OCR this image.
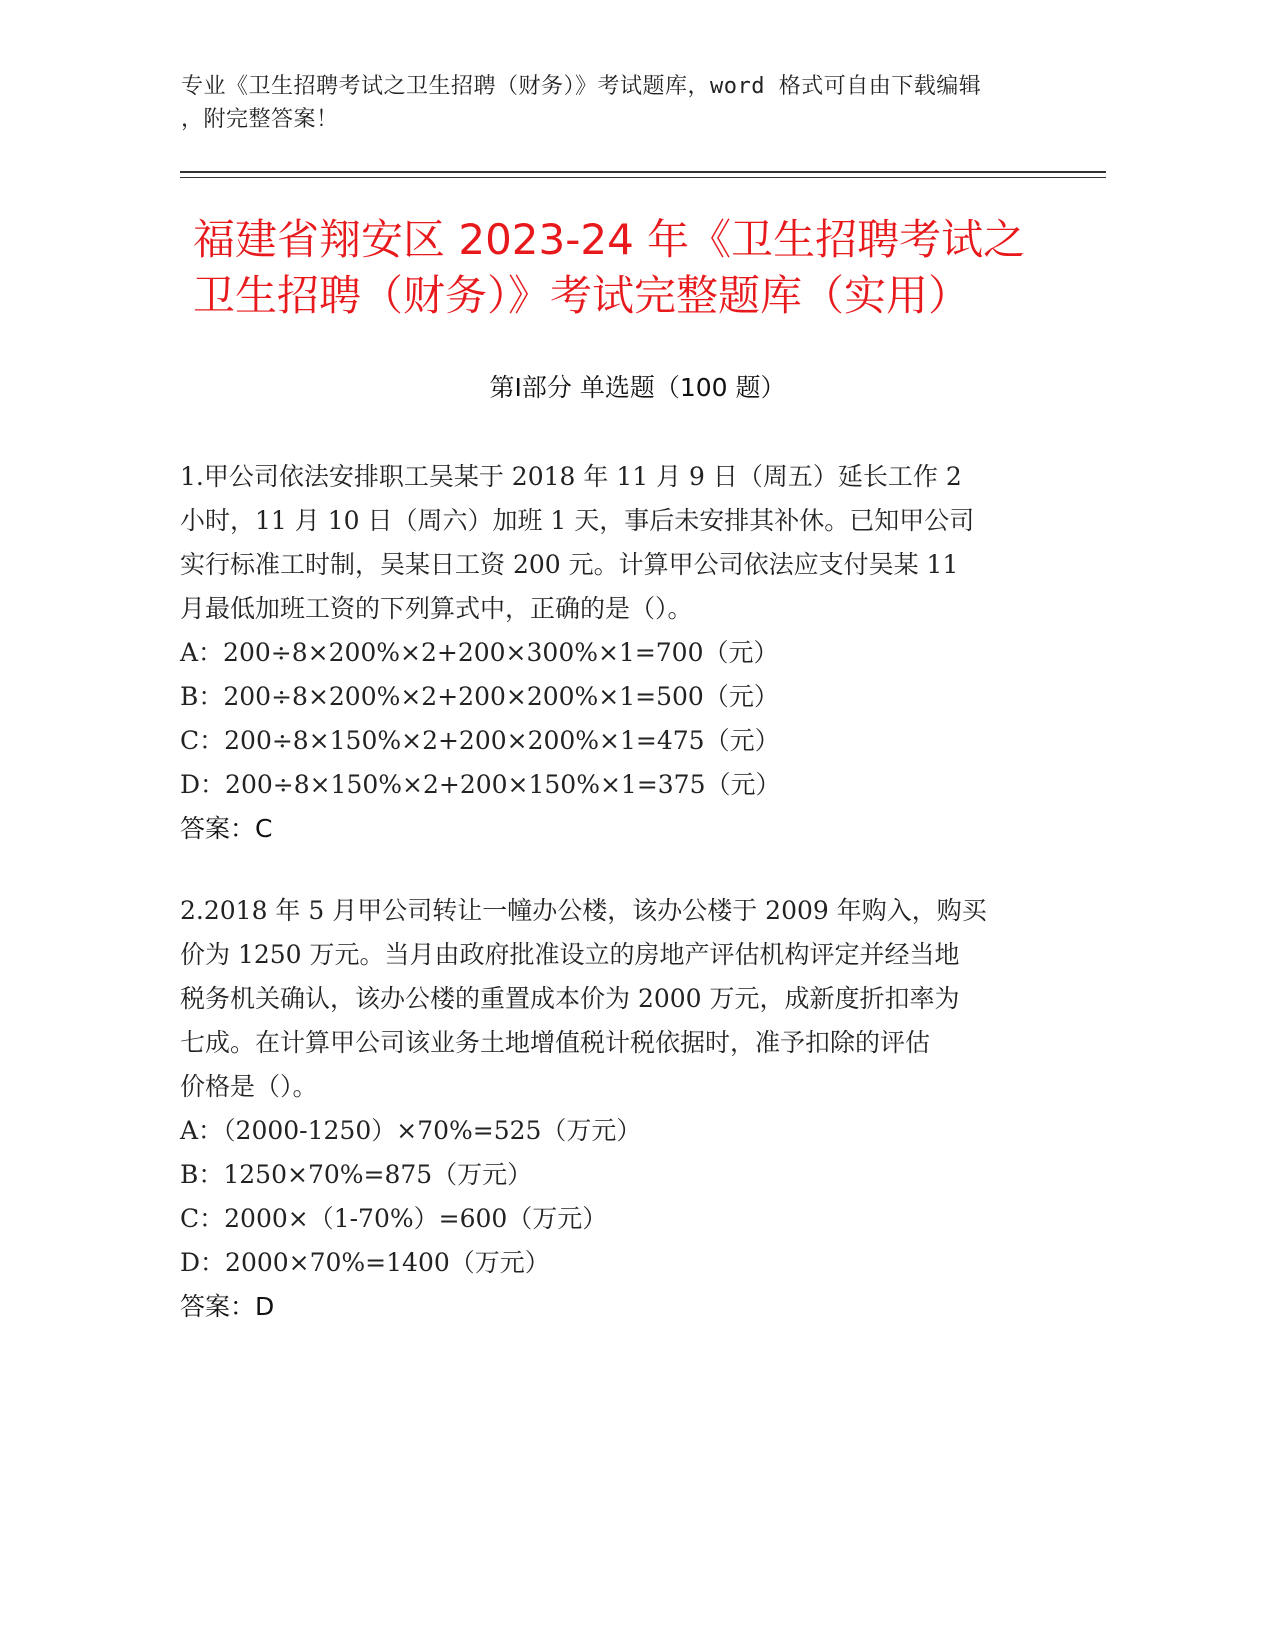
专业《卫生招聘考试之卫生招聘（财务）》考试题库，word 格式可自由下载编辑
，附完整答案！
福建省翔安区 2023-24 年《卫生招聘考试之
卫生招聘（财务）》考试完整题库（实用）
第Ⅰ部分 单选题（100 题）
1.甲公司依法安排职工吴某于 2018 年 11 月 9 日（周五）延长工作 2
小时，11 月 10 日（周六）加班 1 天，事后未安排其补休。已知甲公司
实行标准工时制，吴某日工资 200 元。计算甲公司依法应支付吴某 11
月最低加班工资的下列算式中，正确的是（）。
A：200÷8×200%×2+200×300%×1=700（元）
B：200÷8×200%×2+200×200%×1=500（元）
C：200÷8×150%×2+200×200%×1=475（元）
D：200÷8×150%×2+200×150%×1=375（元）
答案：C
2.2018 年 5 月甲公司转让一幢办公楼，该办公楼于 2009 年购入，购买
价为 1250 万元。当月由政府批准设立的房地产评估机构评定并经当地
税务机关确认，该办公楼的重置成本价为 2000 万元，成新度折扣率为
七成。在计算甲公司该业务土地增值税计税依据时，准予扣除的评估
价格是（）。
A：（2000-1250）×70%=525（万元）
B：1250×70%=875（万元）
C：2000×（1-70%）=600（万元）
D：2000×70%=1400（万元）
答案：D
